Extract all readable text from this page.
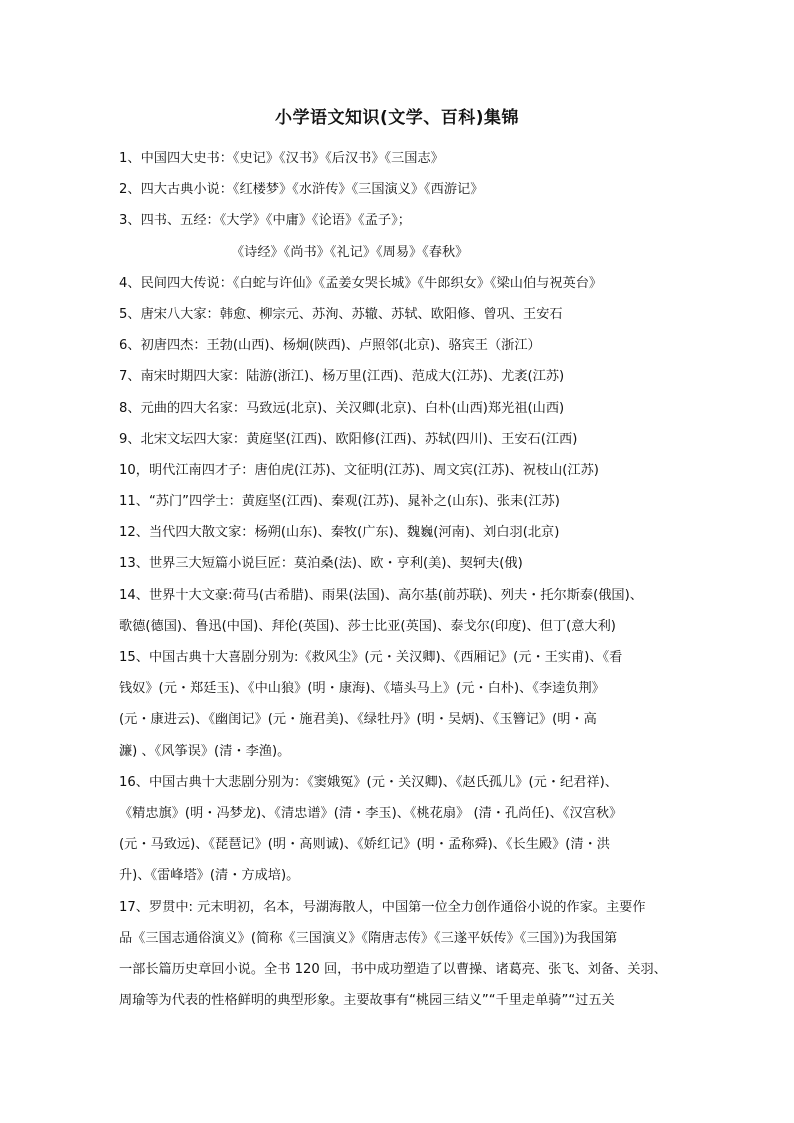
小学语文知识(文学、百科)集锦
1、中国四大史书：《史记》《汉书》《后汉书》《三国志》
2、四大古典小说：《红楼梦》《水浒传》《三国演义》《西游记》
3、四书、五经：《大学》《中庸》《论语》《孟子》；
《诗经》《尚书》《礼记》《周易》《春秋》
4、民间四大传说：《白蛇与许仙》《孟姜女哭长城》《牛郎织女》《梁山伯与祝英台》
5、唐宋八大家：韩愈、柳宗元、苏洵、苏辙、苏轼、欧阳修、曾巩、王安石
6、初唐四杰：王勃(山西)、杨炯(陕西)、卢照邻(北京)、骆宾王（浙江）
7、南宋时期四大家：陆游(浙江)、杨万里(江西)、范成大(江苏)、尤袤(江苏)
8、元曲的四大名家：马致远(北京)、关汉卿(北京)、白朴(山西)郑光祖(山西)
9、北宋文坛四大家：黄庭坚(江西)、欧阳修(江西)、苏轼(四川)、王安石(江西)
10，明代江南四才子：唐伯虎(江苏)、文征明(江苏)、周文宾(江苏)、祝枝山(江苏)
11、“苏门”四学士：黄庭坚(江西)、秦观(江苏)、晁补之(山东)、张耒(江苏)
12、当代四大散文家：杨朔(山东)、秦牧(广东)、魏巍(河南)、刘白羽(北京)
13、世界三大短篇小说巨匠：莫泊桑(法)、欧・亨利(美)、契轲夫(俄)
14、世界十大文豪:荷马(古希腊)、雨果(法国)、高尔基(前苏联)、列夫・托尔斯泰(俄国)、
歌德(德国)、鲁迅(中国)、拜伦(英国)、莎士比亚(英国)、泰戈尔(印度)、但丁(意大利)
15、中国古典十大喜剧分别为:《救风尘》(元・关汉卿)、《西厢记》(元・王实甫)、《看
钱奴》(元・郑廷玉)、《中山狼》(明・康海)、《墙头马上》(元・白朴)、《李逵负荆》
(元・康进云)、《幽闺记》(元・施君美)、《绿牡丹》(明・吴炳)、《玉簪记》(明・高
濂) 、《风筝误》(清・李渔)。
16、中国古典十大悲剧分别为：《窦娥冤》(元・关汉卿)、《赵氏孤儿》(元・纪君祥)、
《精忠旗》(明・冯梦龙)、《清忠谱》(清・李玉)、《桃花扇》 (清・孔尚任)、《汉宫秋》
(元・马致远)、《琵琶记》(明・高则诚)、《娇红记》(明・孟称舜)、《长生殿》(清・洪
升)、《雷峰塔》(清・方成培)。
17、罗贯中: 元末明初，名本，号湖海散人，中国第一位全力创作通俗小说的作家。主要作
品《三国志通俗演义》(简称《三国演义》《隋唐志传》《三遂平妖传》《三国》)为我国第
一部长篇历史章回小说。全书 120 回，书中成功塑造了以曹操、诸葛亮、张飞、刘备、关羽、
周瑜等为代表的性格鲜明的典型形象。主要故事有“桃园三结义”“千里走单骑”“过五关
